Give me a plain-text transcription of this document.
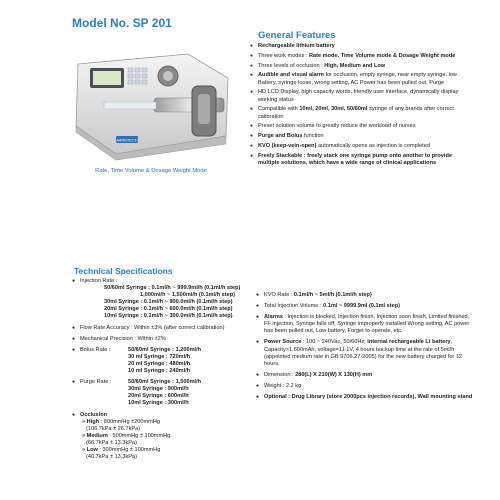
Model No. SP 201
AIRINTECH
Rate, Time Volume & Dosage Weight Mode
General Features
● Rechargeable lithium battery
● Three work modes : Rate mode, Time Volume mode & Dosage Weight mode
● Three levels of occlusion : High, Medium and Low
● Audible and visual alarm for occlusion, empty syringe, near empty syringe, low Battery, syringe loose, wrong setting, AC Power has been pulled out, Purge
● HD LCD Display, high capacity words, friendly user interface, dynamically display working status
● Compatible with 10ml, 20ml, 30ml, 50/60ml syringe of any brands after correct calibration
● Preset solution volume to greatly reduce the workload of nurses
● Purge and Bolus function
● KVO (keep-vein-open) automatically opens as injection is completed
● Freely Stackable : freely stack one syringe pump onto another to provide multiple solutions, which have a wide range of clinical applications
Technical Specifications
● Injection Rate :
50/60ml Syringe : 0.1ml/h ~ 999.9ml/h (0.1ml/h step)
1,000ml/h ~ 1,500ml/h (0.1ml/h step)
30ml Syringe : 0.1ml/h ~ 900.0ml/h (0.1ml/h step)
20ml Syringe : 0.1ml/h ~ 600.0ml/h (0.1ml/h step)
10ml Syringe : 0.1ml/h ~ 300.0ml/h (0.1ml/h step)
● Flow Rate Accuracy : Within ±3% (after correct calibration)
● Mechanical Precision : Within ±2%
● Bolus Rate :	50/60ml Syringe : 1,200ml/h
30 ml Syringe : 720ml/h
20 ml Syringe : 480ml/h
10 ml Syringe : 240ml/h
● Purge Rate :	50/60ml Syringe : 1,500ml/h
30ml Syringe : 900ml/h
20ml Syringe : 600ml/h
10ml Syringe : 300ml/h
● Occlusion
» High : 800mmHg ±200mmHg
(106.7kPa ± 26.7kPa)
» Medium : 500mmHg ± 100mmHg
(66.7kPa ± 13.3kPa)
» Low : 300mmHg ± 100mmHg
(40.7kPa ± 13.3kPa)
● KVO Rate : 0.1ml/h ~ 5ml/h (0.1ml/h step)
● Total Injection Volume : 0.1ml ~ 9999.9ml (0.1ml step)
● Alarms : Injection is blocked, Injection finish, Injection soon finish, Limited finished, FF injection, Syringe falls off, Syringe improperly installed Wrong setting, AC power has been pulled out, Low battery, Forget to operate, etc.
● Power Source : 100 ~ 240Vac, 50/60Hz; Internal rechargeable Li battery, Capacity>1,600mAh, voltage=11.1V, 4 hours backup time at the rate of 5ml/h (appointed medium rate in GB 9706.27-2005) for the new battery charged for 12 hours.
● Dimension : 280(L) X 210(W) X 130(H) mm
● Weight : 2.2 kg
● Optional : Drug Library (store 2000pcs injection records), Wall mounting stand
